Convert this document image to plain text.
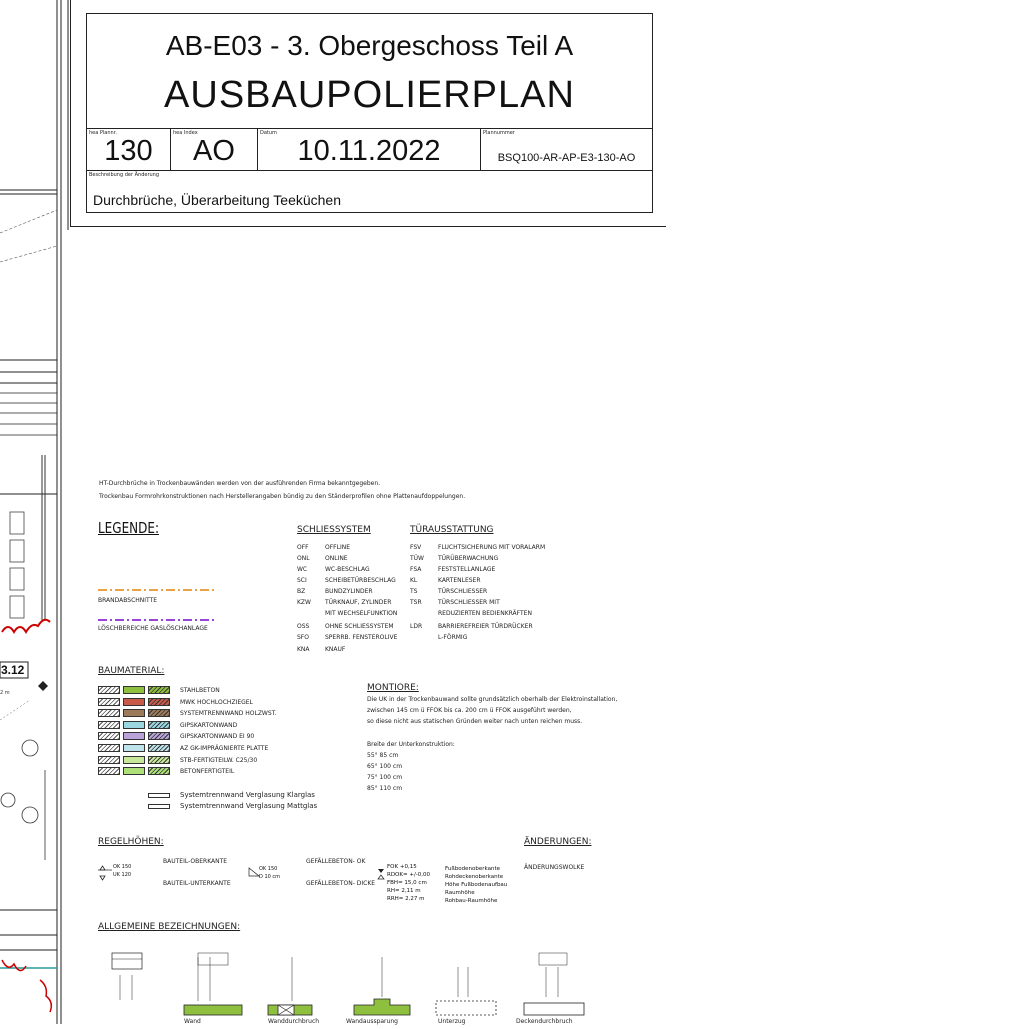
3.12
2 m
AB-E03 - 3. Obergeschoss Teil A
AUSBAUPOLIERPLAN
hea Plannr.	hea Index	Datum	Plannummer
Beschreibung der Änderung
130	AO	10.11.2022	BSQ100-AR-AP-E3-130-AO
Durchbrüche, Überarbeitung Teeküchen
HT-Durchbrüche in Trockenbauwänden werden von der ausführenden Firma bekanntgegeben.
Trockenbau Formrohrkonstruktionen nach Herstellerangaben bündig zu den Ständerprofilen ohne Plattenaufdoppelungen.
LEGENDE:
BRANDABSCHNITTE
LÖSCHBEREICHE GASLÖSCHANLAGE
SCHLIESSYSTEM
OFF	OFFLINE
ONL	ONLINE
WC	WC-BESCHLAG
SCI	SCHEIBETÜRBESCHLAG
BZ	BUNDZYLINDER
KZW TÜRKNAUF, ZYLINDER
MIT WECHSELFUNKTION
OSS	OHNE SCHLIESSYSTEM
SFO	SPERRB. FENSTEROLIVE
KNA	KNAUF
TÜRAUSSTATTUNG
FSV	FLUCHTSICHERUNG MIT VORALARM
TÜW TÜRÜBERWACHUNG
FSA	FESTSTELLANLAGE
KL	KARTENLESER
TS	TÜRSCHLIESSER
TSR	TÜRSCHLIESSER MIT
REDUZIERTEN BEDIENKRÄFTEN
LDR	BARRIEREFREIER TÜRDRÜCKER
L-FÖRMIG
BAUMATERIAL:
STAHLBETON
MWK HOCHLOCHZIEGEL
SYSTEMTRENNWAND HOLZWST.
GIPSKARTONWAND
GIPSKARTONWAND EI 90
AZ GK-IMPRÄGNIERTE PLATTE
STB-FERTIGTEILW. C25/30
BETONFERTIGTEIL
Systemtrennwand Verglasung Klarglas
Systemtrennwand Verglasung Mattglas
MONTIORE:
Die UK in der Trockenbauwand sollte grundsätzlich oberhalb der Elektroinstallation,
zwischen 145 cm ü FFOK bis ca. 200 cm ü FFOK ausgeführt werden,
so diese nicht aus statischen Gründen weiter nach unten reichen muss.
Breite der Unterkonstruktion:
55° 85 cm
65° 100 cm
75° 100 cm
85° 110 cm
REGELHÖHEN:
OK 150
UK 120
BAUTEIL-OBERKANTE
BAUTEIL-UNTERKANTE
OK 150
D 10 cm
GEFÄLLEBETON- OK
GEFÄLLEBETON- DICKE
FOK +0,15
RDOK= +/-0,00
FBH= 15,0 cm
RH= 2,11 m
RRH= 2,27 m
Fußbodenoberkante
Rohdeckenoberkante
Höhe Fußbodenaufbau
Raumhöhe
Rohbau-Raumhöhe
ÄNDERUNGEN:
ÄNDERUNGSWOLKE
ALLGEMEINE BEZEICHNUNGEN:
Wand	Wanddurchbruch	Wandaussparung	Unterzug	Deckendurchbruch
